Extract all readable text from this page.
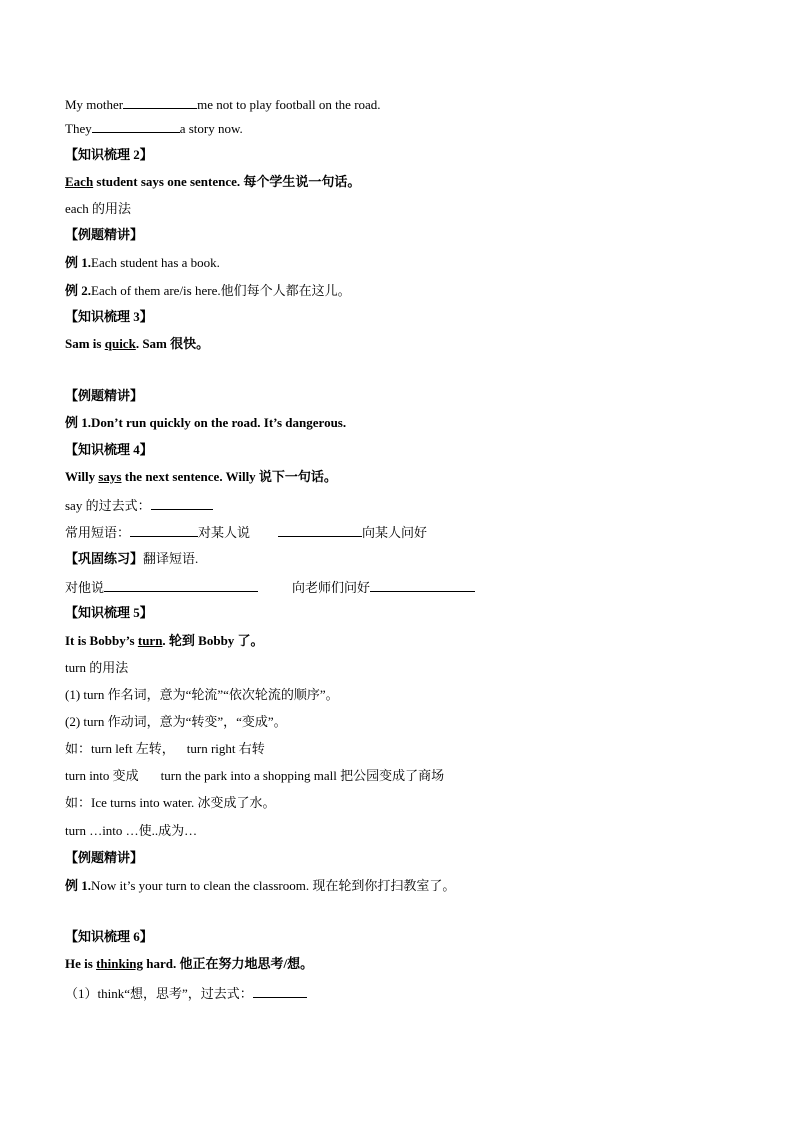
My mother	me not to play football on the road.
They	a story now.
【知识梳理 2】
Each student says one sentence. 每个学生说一句话。
each 的用法
【例题精讲】
例 1.Each student has a book.
例 2.Each of them are/is here.他们每个人都在这儿。
【知识梳理 3】
Sam is quick. Sam 很快。
【例题精讲】
例 1.Don’t run quickly on the road. It’s dangerous.
【知识梳理 4】
Willy says the next sentence. Willy 说下一句话。
say 的过去式：
常用短语：	对某人说	向某人问好
【巩固练习】翻译短语.
对他说	向老师们问好
【知识梳理 5】
It is Bobby’s turn. 轮到 Bobby 了。
turn 的用法
(1) turn 作名词，意为“轮流”“依次轮流的顺序”。
(2) turn 作动词，意为“转变”，“变成”。
如：turn left 左转， turn right 右转
turn into 变成 turn the park into a shopping mall 把公园变成了商场
如：Ice turns into water. 冰变成了水。
turn …into …使..成为…
【例题精讲】
例 1.Now it’s your turn to clean the classroom. 现在轮到你打扫教室了。
【知识梳理 6】
He is thinking hard. 他正在努力地思考/想。
（1）think“想，思考”，过去式：
